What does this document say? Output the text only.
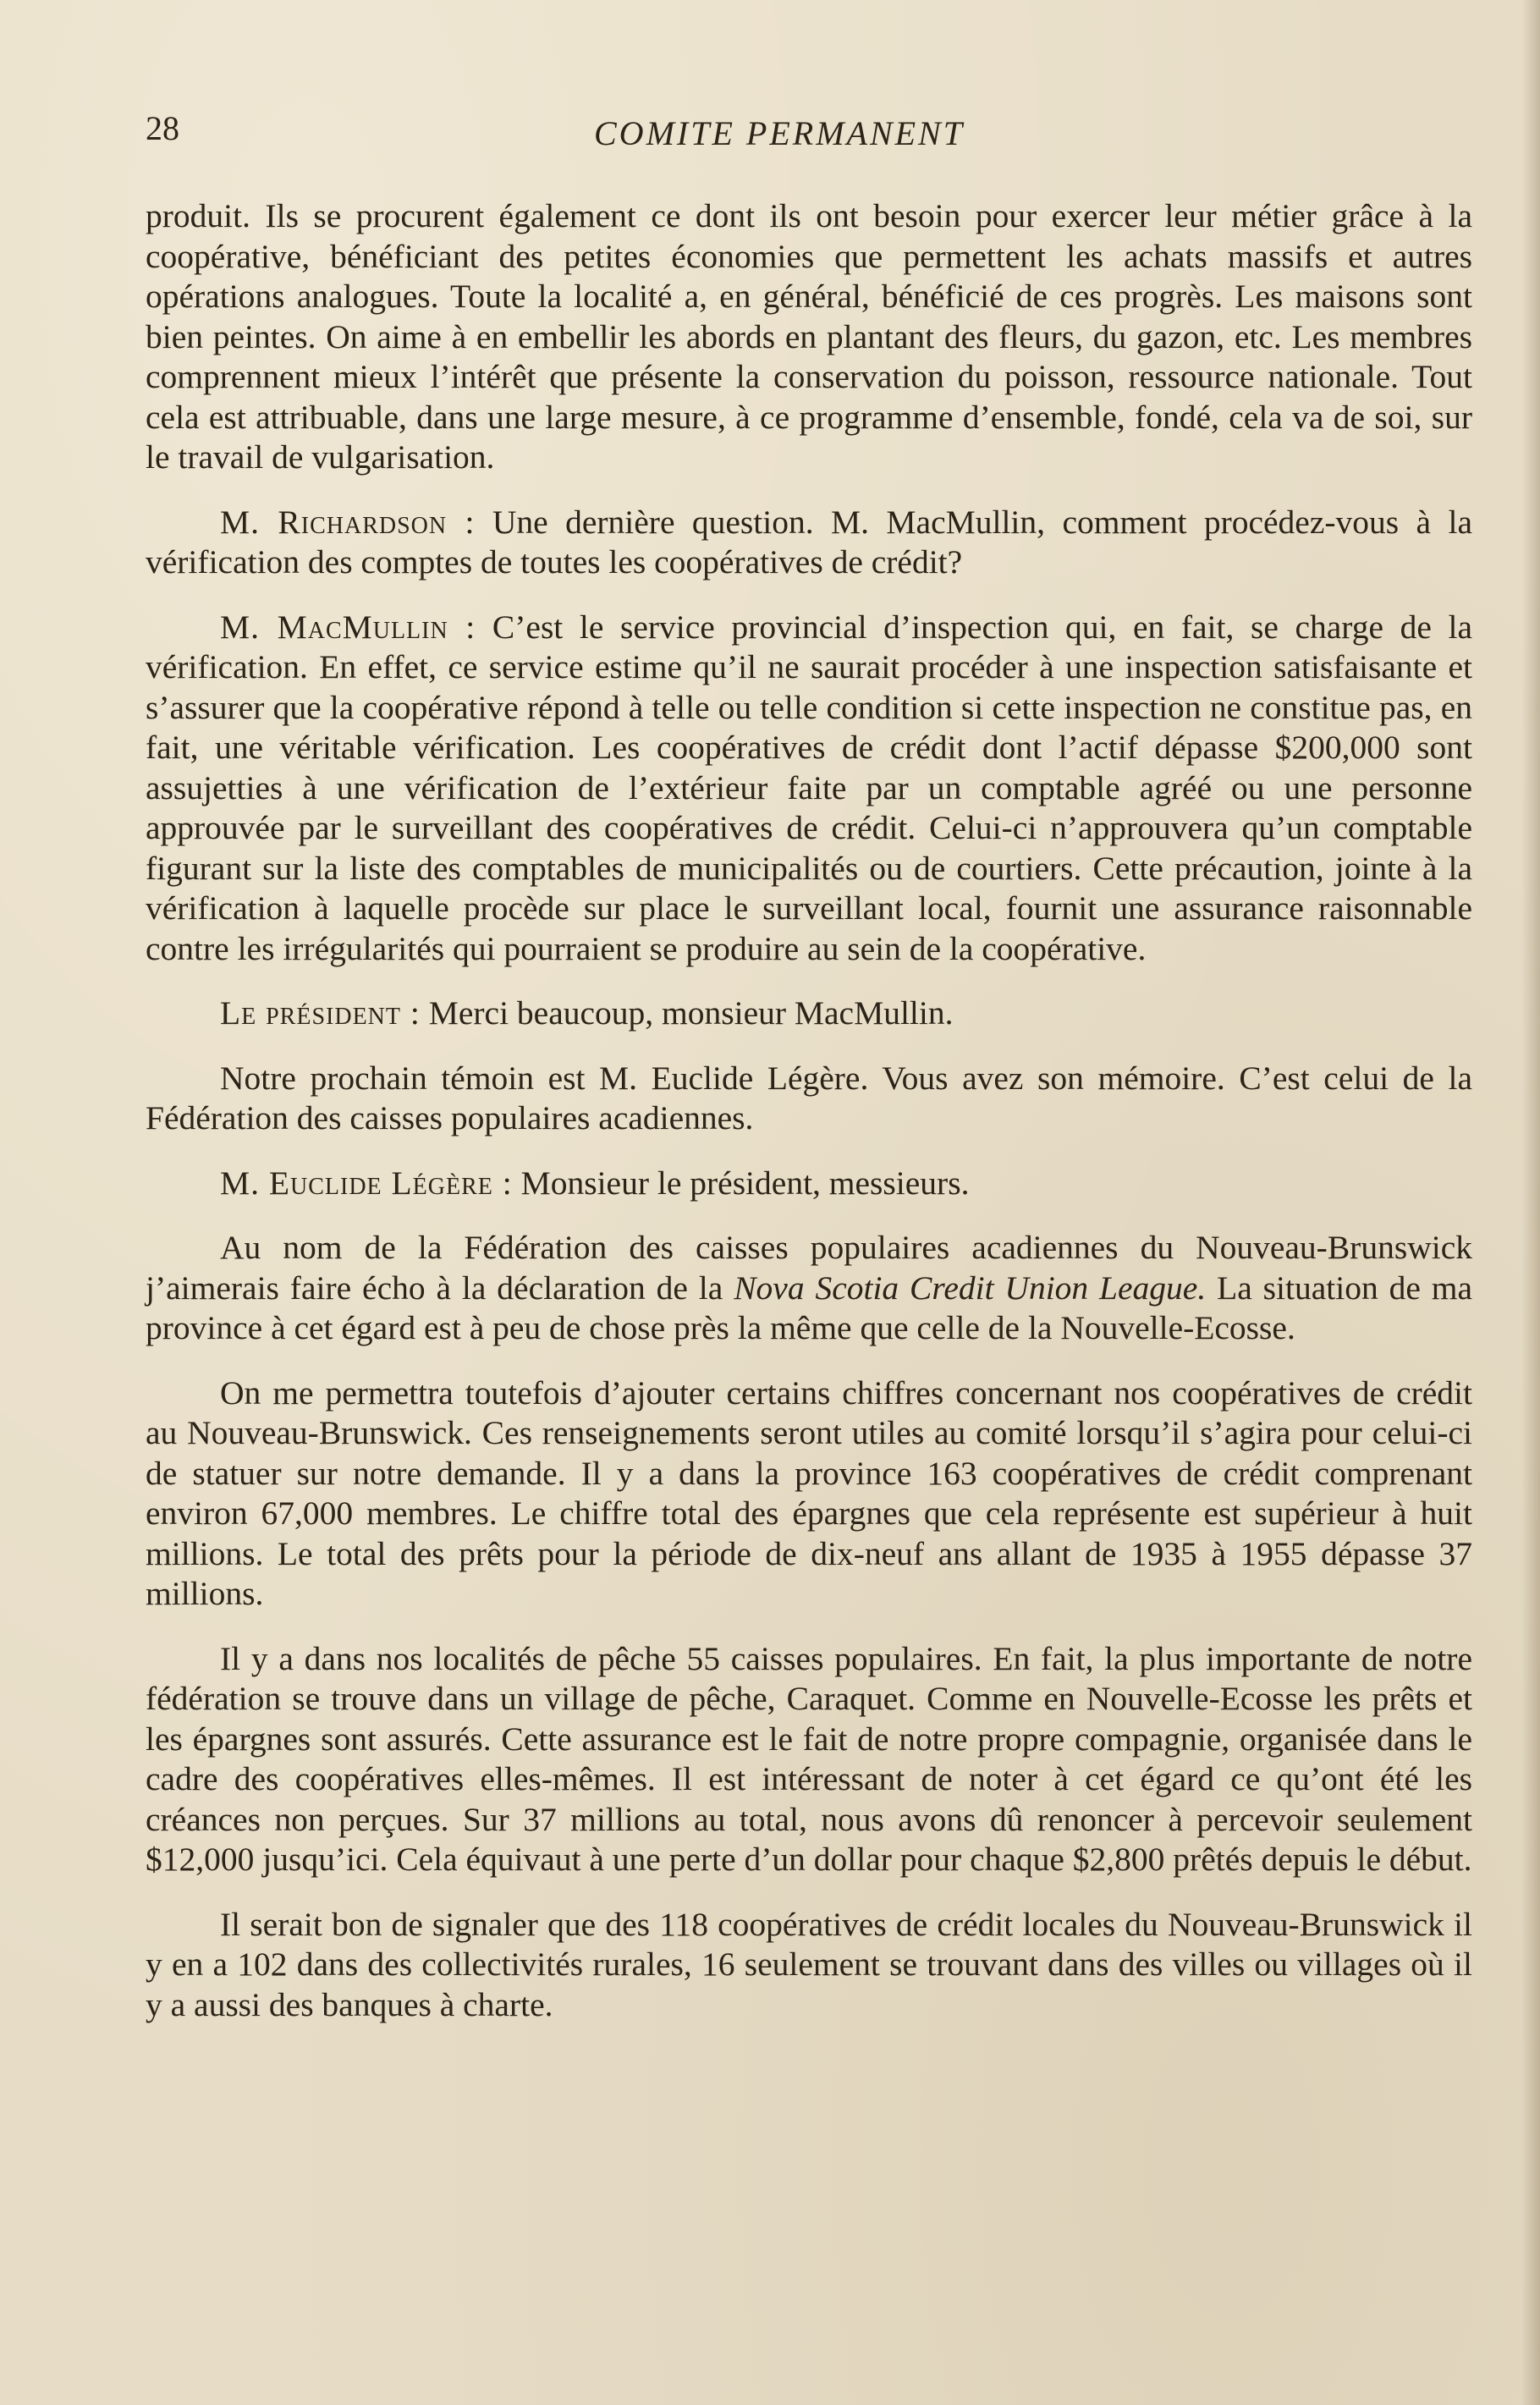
28	COMITE PERMANENT

produit. Ils se procurent également ce dont ils ont besoin pour exercer leur métier grâce à la coopérative, bénéficiant des petites économies que permettent les achats massifs et autres opérations analogues. Toute la localité a, en général, bénéficié de ces progrès. Les maisons sont bien peintes. On aime à en embellir les abords en plantant des fleurs, du gazon, etc. Les membres comprennent mieux l’intérêt que présente la conservation du poisson, ressource nationale. Tout cela est attribuable, dans une large mesure, à ce programme d’ensemble, fondé, cela va de soi, sur le travail de vulgarisation.

M. Richardson : Une dernière question. M. MacMullin, comment procédez-vous à la vérification des comptes de toutes les coopératives de crédit?

M. MacMullin : C’est le service provincial d’inspection qui, en fait, se charge de la vérification. En effet, ce service estime qu’il ne saurait procéder à une inspection satisfaisante et s’assurer que la coopérative répond à telle ou telle condition si cette inspection ne constitue pas, en fait, une véritable vérification. Les coopératives de crédit dont l’actif dépasse $200,000 sont assujetties à une vérification de l’extérieur faite par un comptable agréé ou une personne approuvée par le surveillant des coopératives de crédit. Celui-ci n’approuvera qu’un comptable figurant sur la liste des comptables de municipalités ou de courtiers. Cette précaution, jointe à la vérification à laquelle procède sur place le surveillant local, fournit une assurance raisonnable contre les irrégularités qui pourraient se produire au sein de la coopérative.

Le président : Merci beaucoup, monsieur MacMullin.

Notre prochain témoin est M. Euclide Légère. Vous avez son mémoire. C’est celui de la Fédération des caisses populaires acadiennes.

M. Euclide Légère : Monsieur le président, messieurs.

Au nom de la Fédération des caisses populaires acadiennes du Nouveau-Brunswick j’aimerais faire écho à la déclaration de la Nova Scotia Credit Union League. La situation de ma province à cet égard est à peu de chose près la même que celle de la Nouvelle-Ecosse.

On me permettra toutefois d’ajouter certains chiffres concernant nos coopératives de crédit au Nouveau-Brunswick. Ces renseignements seront utiles au comité lorsqu’il s’agira pour celui-ci de statuer sur notre demande. Il y a dans la province 163 coopératives de crédit comprenant environ 67,000 membres. Le chiffre total des épargnes que cela représente est supérieur à huit millions. Le total des prêts pour la période de dix-neuf ans allant de 1935 à 1955 dépasse 37 millions.

Il y a dans nos localités de pêche 55 caisses populaires. En fait, la plus importante de notre fédération se trouve dans un village de pêche, Caraquet. Comme en Nouvelle-Ecosse les prêts et les épargnes sont assurés. Cette assurance est le fait de notre propre compagnie, organisée dans le cadre des coopératives elles-mêmes. Il est intéressant de noter à cet égard ce qu’ont été les créances non perçues. Sur 37 millions au total, nous avons dû renoncer à percevoir seulement $12,000 jusqu’ici. Cela équivaut à une perte d’un dollar pour chaque $2,800 prêtés depuis le début.

Il serait bon de signaler que des 118 coopératives de crédit locales du Nouveau-Brunswick il y en a 102 dans des collectivités rurales, 16 seulement se trouvant dans des villes ou villages où il y a aussi des banques à charte.
